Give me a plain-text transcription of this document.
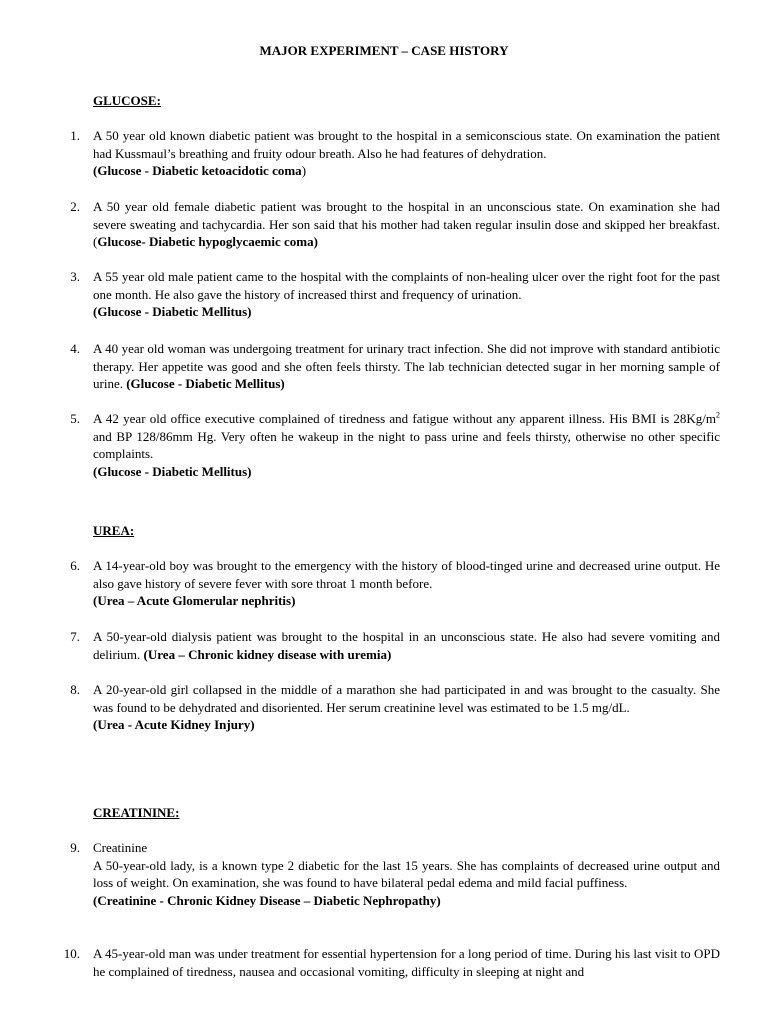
MAJOR EXPERIMENT – CASE HISTORY
GLUCOSE:
1. A 50 year old known diabetic patient was brought to the hospital in a semiconscious state. On examination the patient had Kussmaul’s breathing and fruity odour breath. Also he had features of dehydration.
(Glucose - Diabetic ketoacidotic coma)
2. A 50 year old female diabetic patient was brought to the hospital in an unconscious state. On examination she had severe sweating and tachycardia. Her son said that his mother had taken regular insulin dose and skipped her breakfast. (Glucose- Diabetic hypoglycaemic coma)
3. A 55 year old male patient came to the hospital with the complaints of non-healing ulcer over the right foot for the past one month. He also gave the history of increased thirst and frequency of urination.
(Glucose - Diabetic Mellitus)
4. A 40 year old woman was undergoing treatment for urinary tract infection. She did not improve with standard antibiotic therapy. Her appetite was good and she often feels thirsty. The lab technician detected sugar in her morning sample of urine. (Glucose - Diabetic Mellitus)
5. A 42 year old office executive complained of tiredness and fatigue without any apparent illness. His BMI is $28Kg/m^2$ and BP 128/86mm Hg. Very often he wakeup in the night to pass urine and feels thirsty, otherwise no other specific complaints.
(Glucose - Diabetic Mellitus)
UREA:
6. A 14-year-old boy was brought to the emergency with the history of blood-tinged urine and decreased urine output. He also gave history of severe fever with sore throat 1 month before.
(Urea – Acute Glomerular nephritis)
7. A 50-year-old dialysis patient was brought to the hospital in an unconscious state. He also had severe vomiting and delirium. (Urea – Chronic kidney disease with uremia)
8. A 20-year-old girl collapsed in the middle of a marathon she had participated in and was brought to the casualty. She was found to be dehydrated and disoriented. Her serum creatinine level was estimated to be 1.5 mg/dL.
(Urea - Acute Kidney Injury)
CREATININE:
9. Creatinine
A 50-year-old lady, is a known type 2 diabetic for the last 15 years. She has complaints of decreased urine output and loss of weight. On examination, she was found to have bilateral pedal edema and mild facial puffiness.
(Creatinine - Chronic Kidney Disease – Diabetic Nephropathy)
10. A 45-year-old man was under treatment for essential hypertension for a long period of time. During his last visit to OPD he complained of tiredness, nausea and occasional vomiting, difficulty in sleeping at night and
